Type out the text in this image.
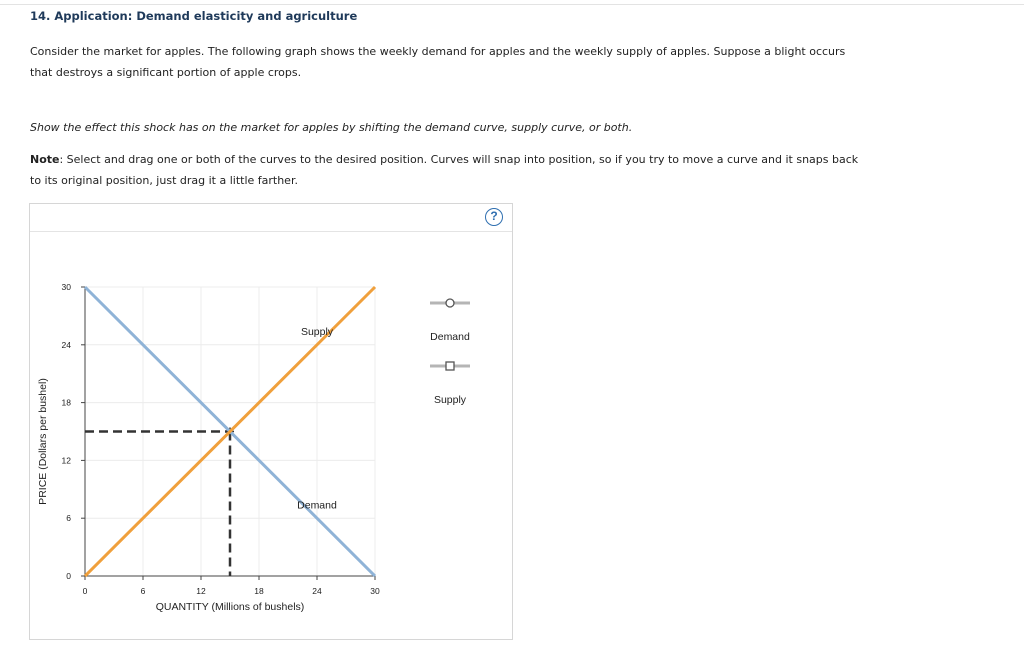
14. Application: Demand elasticity and agriculture
Consider the market for apples. The following graph shows the weekly demand for apples and the weekly supply of apples. Suppose a blight occurs that destroys a significant portion of apple crops.
Show the effect this shock has on the market for apples by shifting the demand curve, supply curve, or both.
Note: Select and drag one or both of the curves to the desired position. Curves will snap into position, so if you try to move a curve and it snaps back to its original position, just drag it a little farther.
?
0
6
12
18
24
30
0	6	12	18	24	30
QUANTITY (Millions of bushels)
PRICE (Dollars per bushel)
Demand
Supply	Demand
Supply
